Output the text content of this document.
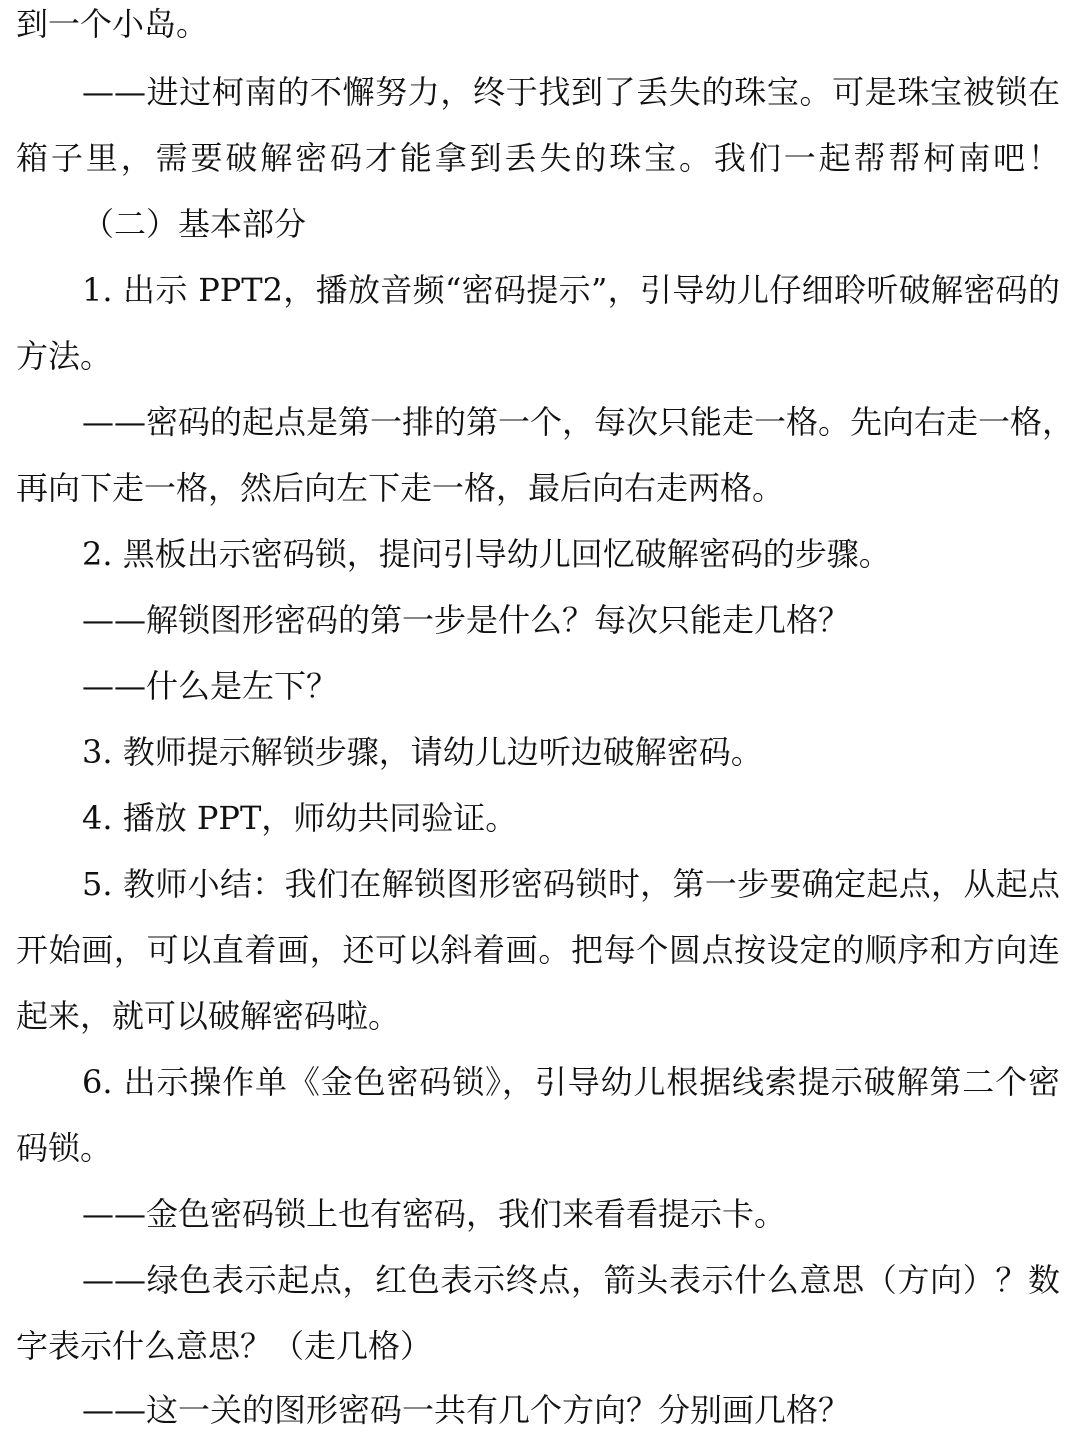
到一个小岛。
——进过柯南的不懈努力，终于找到了丢失的珠宝。可是珠宝被锁在
箱子里，需要破解密码才能拿到丢失的珠宝。我们一起帮帮柯南吧！
（二）基本部分
1. 出示 PPT2，播放音频“密码提示”，引导幼儿仔细聆听破解密码的
方法。
——密码的起点是第一排的第一个，每次只能走一格。先向右走一格，
再向下走一格，然后向左下走一格，最后向右走两格。
2. 黑板出示密码锁，提问引导幼儿回忆破解密码的步骤。
——解锁图形密码的第一步是什么？每次只能走几格？
——什么是左下？
3. 教师提示解锁步骤，请幼儿边听边破解密码。
4. 播放 PPT，师幼共同验证。
5. 教师小结：我们在解锁图形密码锁时，第一步要确定起点，从起点
开始画，可以直着画，还可以斜着画。把每个圆点按设定的顺序和方向连
起来，就可以破解密码啦。
6. 出示操作单《金色密码锁》，引导幼儿根据线索提示破解第二个密
码锁。
——金色密码锁上也有密码，我们来看看提示卡。
——绿色表示起点，红色表示终点，箭头表示什么意思（方向）？数
字表示什么意思？（走几格）
——这一关的图形密码一共有几个方向？分别画几格？
